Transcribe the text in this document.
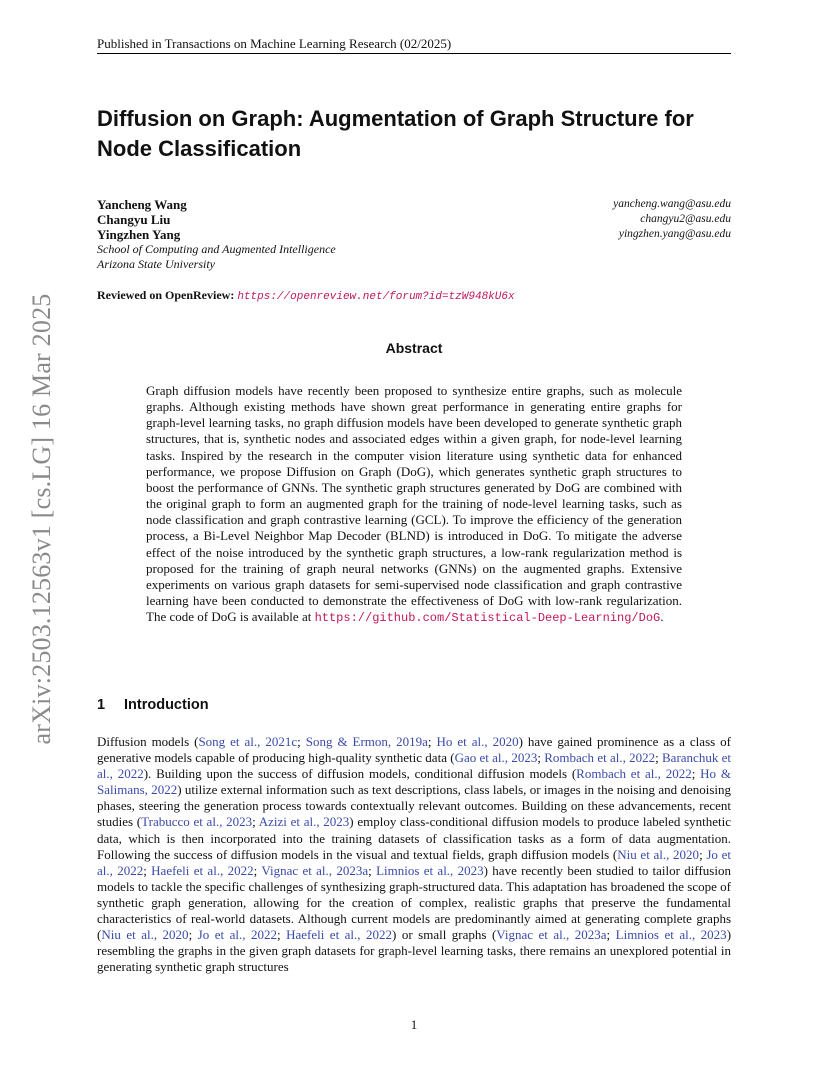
Published in Transactions on Machine Learning Research (02/2025)
Diffusion on Graph: Augmentation of Graph Structure for Node Classification
Yancheng Wang
Changyu Liu
Yingzhen Yang
yancheng.wang@asu.edu
changyu2@asu.edu
yingzhen.yang@asu.edu
School of Computing and Augmented Intelligence
Arizona State University
Reviewed on OpenReview: https://openreview.net/forum?id=tzW948kU6x
Abstract
Graph diffusion models have recently been proposed to synthesize entire graphs, such as molecule graphs. Although existing methods have shown great performance in generating entire graphs for graph-level learning tasks, no graph diffusion models have been developed to generate synthetic graph structures, that is, synthetic nodes and associated edges within a given graph, for node-level learning tasks. Inspired by the research in the computer vision literature using synthetic data for enhanced performance, we propose Diffusion on Graph (DoG), which generates synthetic graph structures to boost the performance of GNNs. The synthetic graph structures generated by DoG are combined with the original graph to form an augmented graph for the training of node-level learning tasks, such as node classification and graph contrastive learning (GCL). To improve the efficiency of the generation process, a Bi-Level Neighbor Map Decoder (BLND) is introduced in DoG. To mitigate the adverse effect of the noise introduced by the synthetic graph structures, a low-rank regularization method is proposed for the training of graph neural networks (GNNs) on the augmented graphs. Extensive experiments on various graph datasets for semi-supervised node classification and graph contrastive learning have been conducted to demonstrate the effectiveness of DoG with low-rank regularization. The code of DoG is available at https://github.com/Statistical-Deep-Learning/DoG.
1 Introduction
Diffusion models (Song et al., 2021c; Song & Ermon, 2019a; Ho et al., 2020) have gained prominence as a class of generative models capable of producing high-quality synthetic data (Gao et al., 2023; Rombach et al., 2022; Baranchuk et al., 2022). Building upon the success of diffusion models, conditional diffusion models (Rombach et al., 2022; Ho & Salimans, 2022) utilize external information such as text descriptions, class labels, or images in the noising and denoising phases, steering the generation process towards contextually relevant outcomes. Building on these advancements, recent studies (Trabucco et al., 2023; Azizi et al., 2023) employ class-conditional diffusion models to produce labeled synthetic data, which is then incorporated into the training datasets of classification tasks as a form of data augmentation. Following the success of diffusion models in the visual and textual fields, graph diffusion models (Niu et al., 2020; Jo et al., 2022; Haefeli et al., 2022; Vignac et al., 2023a; Limnios et al., 2023) have recently been studied to tailor diffusion models to tackle the specific challenges of synthesizing graph-structured data. This adaptation has broadened the scope of synthetic graph generation, allowing for the creation of complex, realistic graphs that preserve the fundamental characteristics of real-world datasets. Although current models are predominantly aimed at generating complete graphs (Niu et al., 2020; Jo et al., 2022; Haefeli et al., 2022) or small graphs (Vignac et al., 2023a; Limnios et al., 2023) resembling the graphs in the given graph datasets for graph-level learning tasks, there remains an unexplored potential in generating synthetic graph structures
1
arXiv:2503.12563v1 [cs.LG] 16 Mar 2025
